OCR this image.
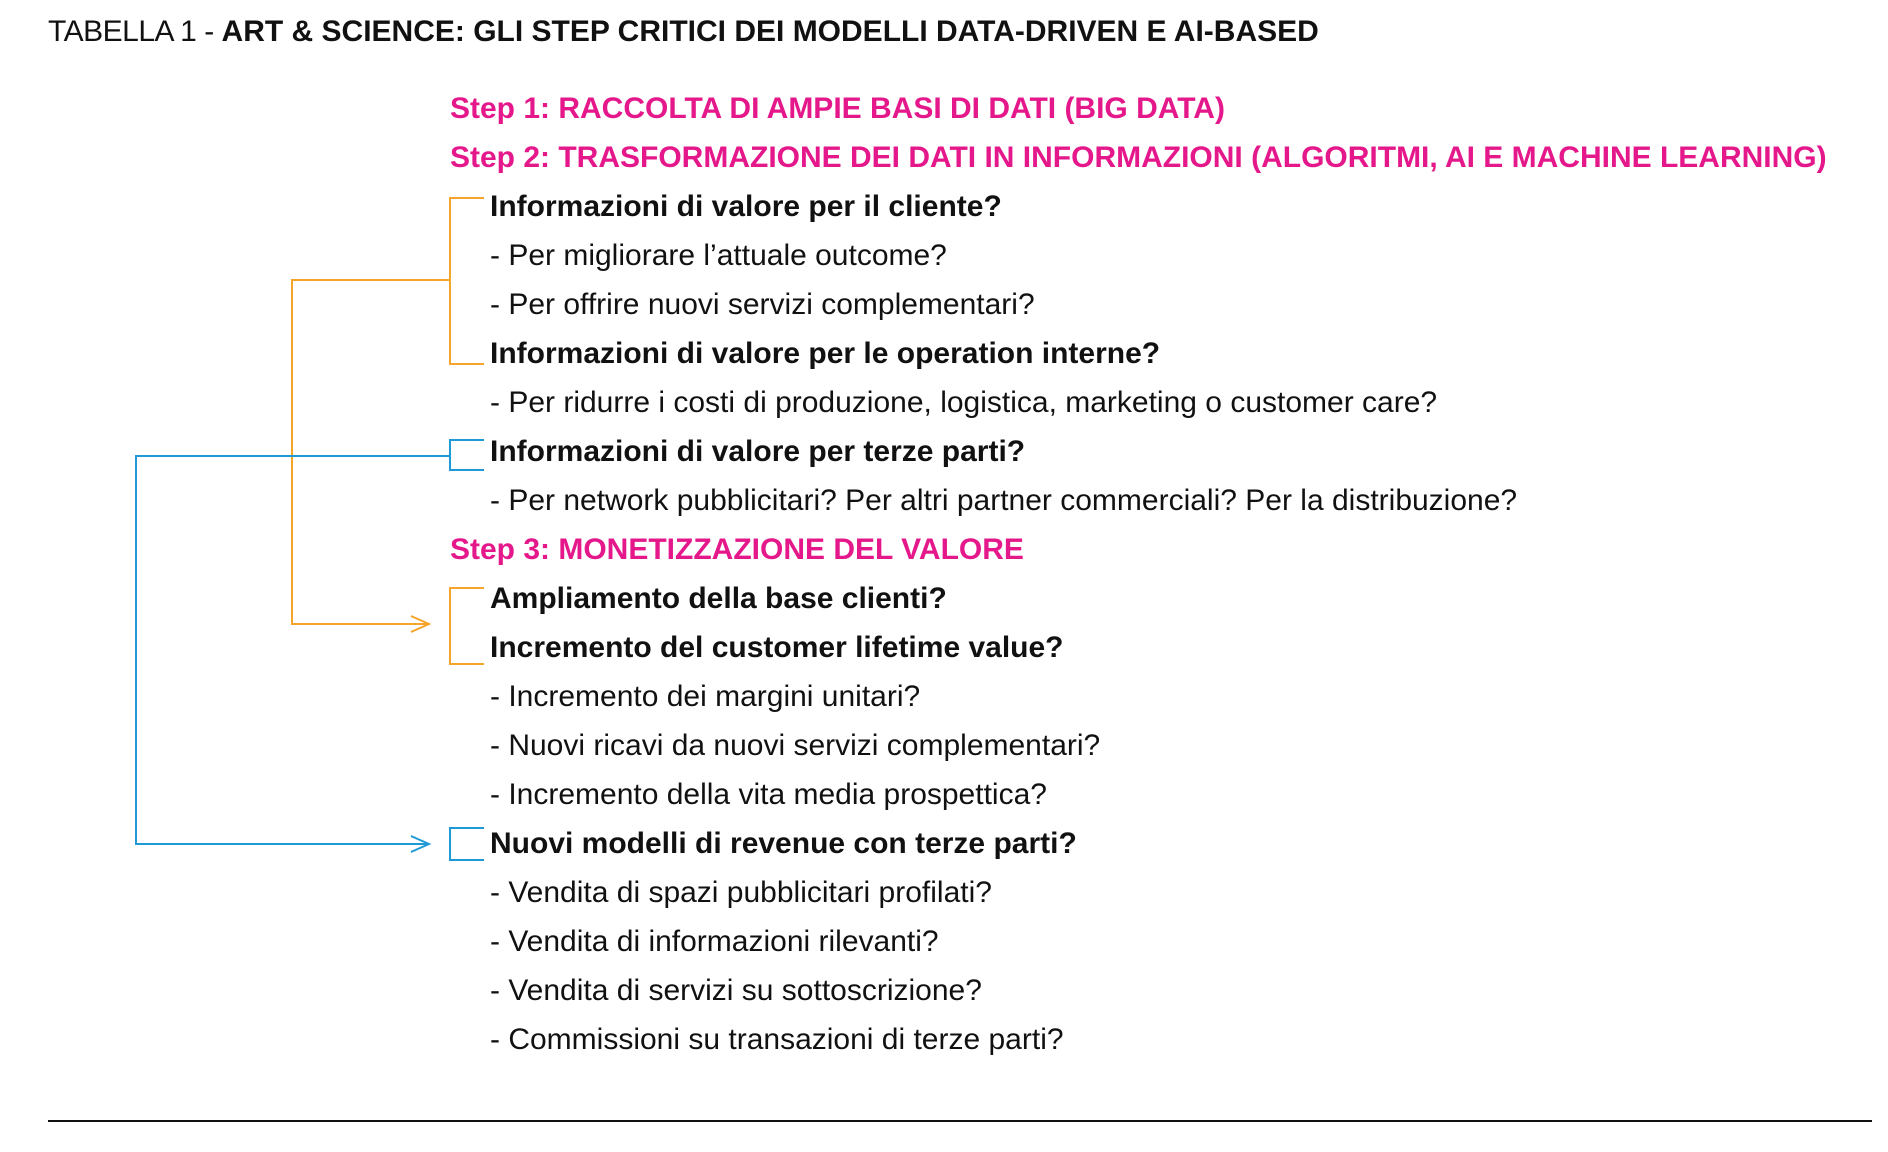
TABELLA 1 - ART & SCIENCE: GLI STEP CRITICI DEI MODELLI DATA-DRIVEN E AI-BASED
Step 1: RACCOLTA DI AMPIE BASI DI DATI (BIG DATA)
Step 2: TRASFORMAZIONE DEI DATI IN INFORMAZIONI (ALGORITMI, AI E MACHINE LEARNING)
Informazioni di valore per il cliente?
- Per migliorare l’attuale outcome?
- Per offrire nuovi servizi complementari?
Informazioni di valore per le operation interne?
- Per ridurre i costi di produzione, logistica, marketing o customer care?
Informazioni di valore per terze parti?
- Per network pubblicitari? Per altri partner commerciali? Per la distribuzione?
Step 3: MONETIZZAZIONE DEL VALORE
Ampliamento della base clienti?
Incremento del customer lifetime value?
- Incremento dei margini unitari?
- Nuovi ricavi da nuovi servizi complementari?
- Incremento della vita media prospettica?
Nuovi modelli di revenue con terze parti?
- Vendita di spazi pubblicitari profilati?
- Vendita di informazioni rilevanti?
- Vendita di servizi su sottoscrizione?
- Commissioni su transazioni di terze parti?
